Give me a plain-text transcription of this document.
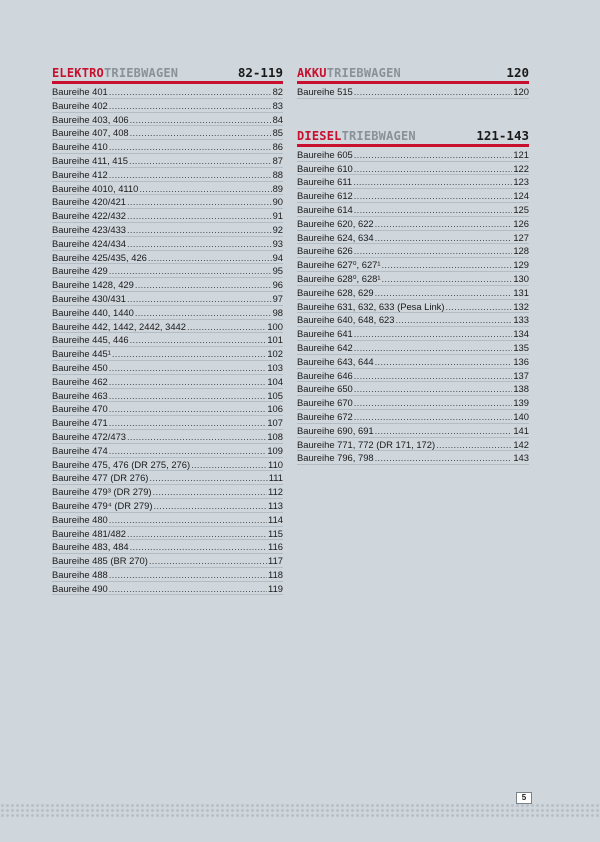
ELEKTROTRIEBWAGEN	82-119
Baureihe 401 .....	82
Baureihe 402 .....	83
Baureihe 403, 406 .....	84
Baureihe 407, 408 .....	85
Baureihe 410 .....	86
Baureihe 411, 415 .....	87
Baureihe 412 .....	88
Baureihe 4010, 4110 .....	89
Baureihe 420/421 .....	90
Baureihe 422/432 .....	91
Baureihe 423/433 .....	92
Baureihe 424/434 .....	93
Baureihe 425/435, 426 .....	94
Baureihe 429 .....	95
Baureihe 1428, 429 .....	96
Baureihe 430/431 .....	97
Baureihe 440, 1440 .....	98
Baureihe 442, 1442, 2442, 3442 .....	100
Baureihe 445, 446 .....	101
Baureihe 445¹ .....	102
Baureihe 450 .....	103
Baureihe 462 .....	104
Baureihe 463 .....	105
Baureihe 470 .....	106
Baureihe 471 .....	107
Baureihe 472/473 .....	108
Baureihe 474 .....	109
Baureihe 475, 476 (DR 275, 276) .....	110
Baureihe 477 (DR 276) .....	111
Baureihe 479³ (DR 279) .....	112
Baureihe 479⁴ (DR 279) .....	113
Baureihe 480 .....	114
Baureihe 481/482 .....	115
Baureihe 483, 484 .....	116
Baureihe 485 (BR 270) .....	117
Baureihe 488 .....	118
Baureihe 490 .....	119
AKKUTRIEBWAGEN	120
Baureihe 515 .....	120
DIESELTRIEBWAGEN	121-143
Baureihe 605 .....	121
Baureihe 610 .....	122
Baureihe 611 .....	123
Baureihe 612 .....	124
Baureihe 614 .....	125
Baureihe 620, 622 .....	126
Baureihe 624, 634 .....	127
Baureihe 626 .....	128
Baureihe 627⁰, 627¹ .....	129
Baureihe 628⁰, 628¹ .....	130
Baureihe 628, 629 .....	131
Baureihe 631, 632, 633 (Pesa Link) .....	132
Baureihe 640, 648, 623 .....	133
Baureihe 641 .....	134
Baureihe 642 .....	135
Baureihe 643, 644 .....	136
Baureihe 646 .....	137
Baureihe 650 .....	138
Baureihe 670 .....	139
Baureihe 672 .....	140
Baureihe 690, 691 .....	141
Baureihe 771, 772 (DR 171, 172) .....	142
Baureihe 796, 798 .....	143
5
